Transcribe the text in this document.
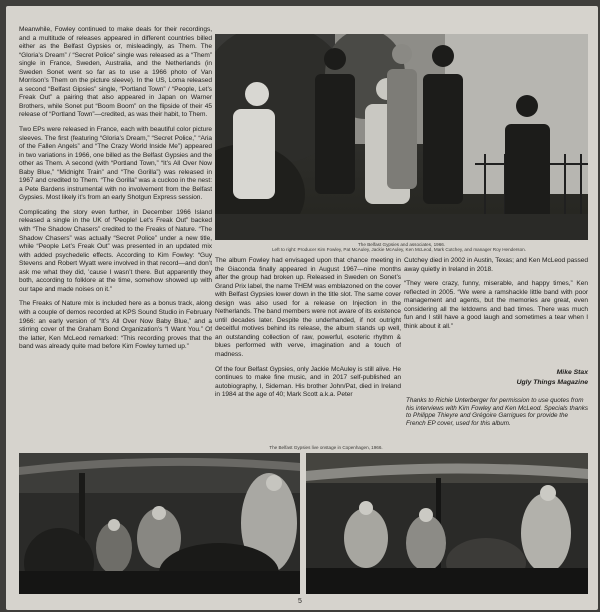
Meanwhile, Fowley continued to make deals for their recordings, and a multitude of releases appeared in different countries billed either as the Belfast Gypsies or, misleadingly, as Them. The “Gloria’s Dream” / “Secret Police” single was released as a “Them” single in France, Sweden, Australia, and the Netherlands (in Sweden Sonet went so far as to use a 1966 photo of Van Morrison’s Them on the picture sleeve). In the US, Loma released a second “Belfast Gipsies” single, “Portland Town” / “People, Let’s Freak Out” a pairing that also appeared in Japan on Warner Brothers, while Sonet put “Boom Boom” on the flipside of their 45 release of “Portland Town”—credited, as was their habit, to Them.

Two EPs were released in France, each with beautiful color picture sleeves. The first (featuring “Gloria’s Dream,” “Secret Police,” “Aria of the Fallen Angels” and “The Crazy World Inside Me”) appeared in two variations in 1966, one billed as the Belfast Gypsies and the other as Them. A second (with “Portland Town,” “It’s All Over Now Baby Blue,” “Midnight Train” and “The Gorilla”) was released in 1967 and credited to Them. “The Gorilla” was a cuckoo in the nest: a Pete Bardens instrumental with no involvement from the Belfast Gypsies. Most likely it’s from an early Shotgun Express session.

Complicating the story even further, in December 1966 Island released a single in the UK of “People! Let’s Freak Out” backed with “The Shadow Chasers” credited to the Freaks of Nature. “The Shadow Chasers” was actually “Secret Police” under a new title, while “People Let’s Freak Out” was presented in an updated mix with added psychedelic effects. According to Kim Fowley: “Guy Stevens and Robert Wyatt were involved in that record—and don’t ask me what they did, ’cause I wasn’t there. But apparently they both, according to folklore at the time, somehow showed up with our tape and made noises on it.”

The Freaks of Nature mix is included here as a bonus track, along with a couple of demos recorded at KPS Sound Studio in February 1966: an early version of “It’s All Over Now Baby Blue,” and a stirring cover of the Graham Bond Organization’s “I Want You.” Of the latter, Ken McLeod remarked: “This recording proves that the band was already quite mad before Kim Fowley turned up.”

The Belfast Gypsies and associates, 1966.
Left to right: Producer Kim Fowley, Pat McAuley, Jackie McAuley, Ken McLeod, Mark Cutchey, and manager Roy Henderson.

The album Fowley had envisaged upon that chance meeting in the Giaconda finally appeared in August 1967—nine months after the group had broken up. Released in Sweden on Sonet’s Grand Prix label, the name THEM was emblazoned on the cover with Belfast Gypsies lower down in the title slot. The same cover design was also used for a release on Injection in the Netherlands. The band members were not aware of its existence until decades later. Despite the underhanded, if not outright deceitful motives behind its release, the album stands up well, an outstanding collection of raw, powerful, esoteric rhythm & blues performed with verve, imagination and a touch of madness.

Of the four Belfast Gypsies, only Jackie McAuley is still alive. He continues to make fine music, and in 2017 self-published an autobiography, I, Sideman. His brother John/Pat, died in Ireland in 1984 at the age of 40; Mark Scott a.k.a. Peter

Cutchey died in 2002 in Austin, Texas; and Ken McLeod passed away quietly in Ireland in 2018.

“They were crazy, funny, miserable, and happy times,” Ken reflected in 2005. “We were a ramshackle little band with poor management and agents, but the memories are great, even considering all the letdowns and bad times. There was much fun and I still have a good laugh and sometimes a tear when I think about it all.”

Mike Stax
Ugly Things Magazine
Thanks to Richie Unterberger for permission to use quotes from his interviews with Kim Fowley and Ken McLeod. Specials thanks to Philippe Thieyre and Grégoire Garrigues for provide the French EP cover, used for this album.
The Belfast Gypsies live onstage in Copenhagen, 1966.
5
